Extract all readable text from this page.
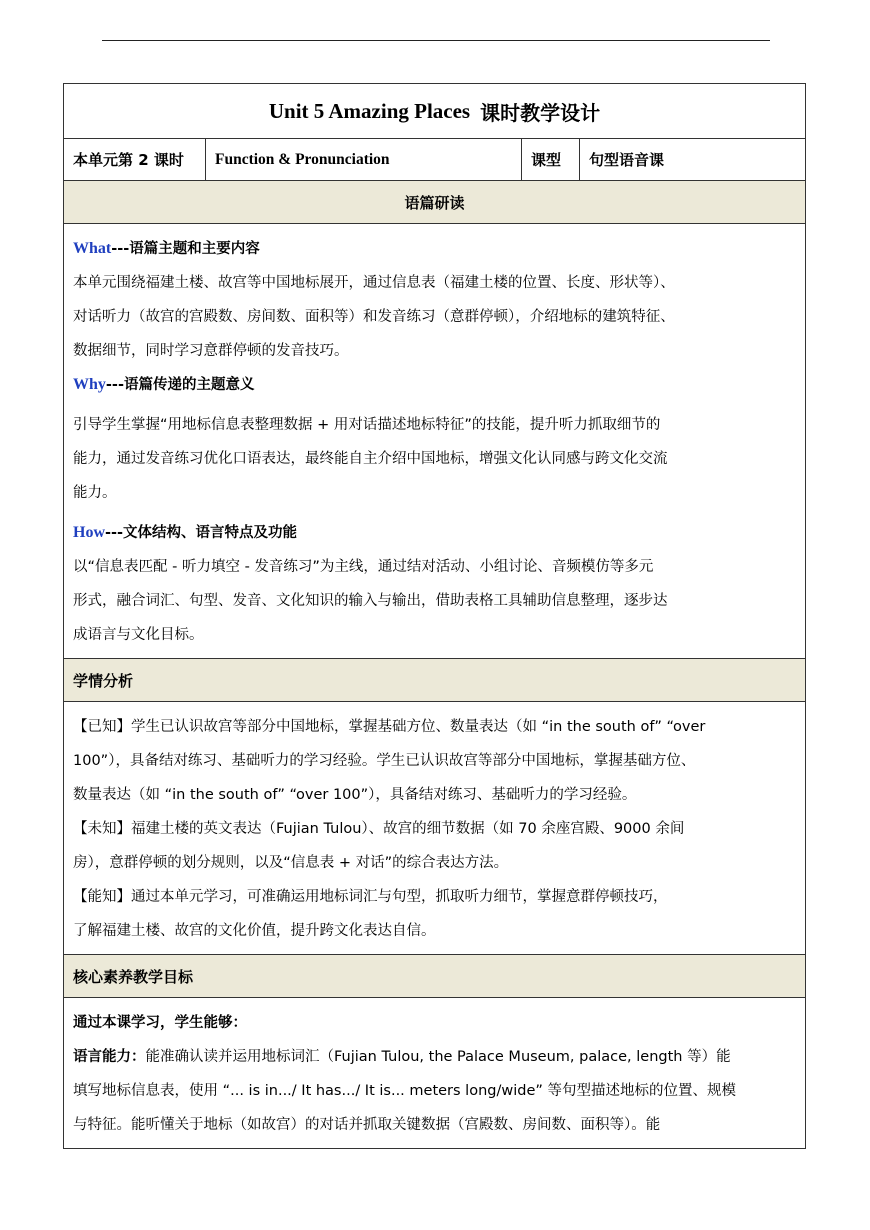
Unit 5 Amazing Places 课时教学设计
本单元第 2 课时	Function & Pronunciation	课型	句型语音课
语篇研读
What---语篇主题和主要内容
本单元围绕福建土楼、故宫等中国地标展开，通过信息表（福建土楼的位置、长度、形状等）、
对话听力（故宫的宫殿数、房间数、面积等）和发音练习（意群停顿），介绍地标的建筑特征、
数据细节，同时学习意群停顿的发音技巧。
Why---语篇传递的主题意义
引导学生掌握“用地标信息表整理数据 + 用对话描述地标特征”的技能，提升听力抓取细节的
能力，通过发音练习优化口语表达，最终能自主介绍中国地标，增强文化认同感与跨文化交流
能力。
How---文体结构、语言特点及功能
以“信息表匹配 - 听力填空 - 发音练习”为主线，通过结对活动、小组讨论、音频模仿等多元
形式，融合词汇、句型、发音、文化知识的输入与输出，借助表格工具辅助信息整理，逐步达
成语言与文化目标。
学情分析
【已知】学生已认识故宫等部分中国地标，掌握基础方位、数量表达（如 “in the south of” “over
100”），具备结对练习、基础听力的学习经验。学生已认识故宫等部分中国地标，掌握基础方位、
数量表达（如 “in the south of” “over 100”），具备结对练习、基础听力的学习经验。
【未知】福建土楼的英文表达（Fujian Tulou）、故宫的细节数据（如 70 余座宫殿、9000 余间
房），意群停顿的划分规则，以及“信息表 + 对话”的综合表达方法。
【能知】通过本单元学习，可准确运用地标词汇与句型，抓取听力细节，掌握意群停顿技巧，
了解福建土楼、故宫的文化价值，提升跨文化表达自信。
核心素养教学目标
通过本课学习，学生能够：
语言能力：能准确认读并运用地标词汇（Fujian Tulou, the Palace Museum, palace, length 等）能
填写地标信息表，使用 “... is in.../ It has.../ It is... meters long/wide” 等句型描述地标的位置、规模
与特征。能听懂关于地标（如故宫）的对话并抓取关键数据（宫殿数、房间数、面积等）。能
